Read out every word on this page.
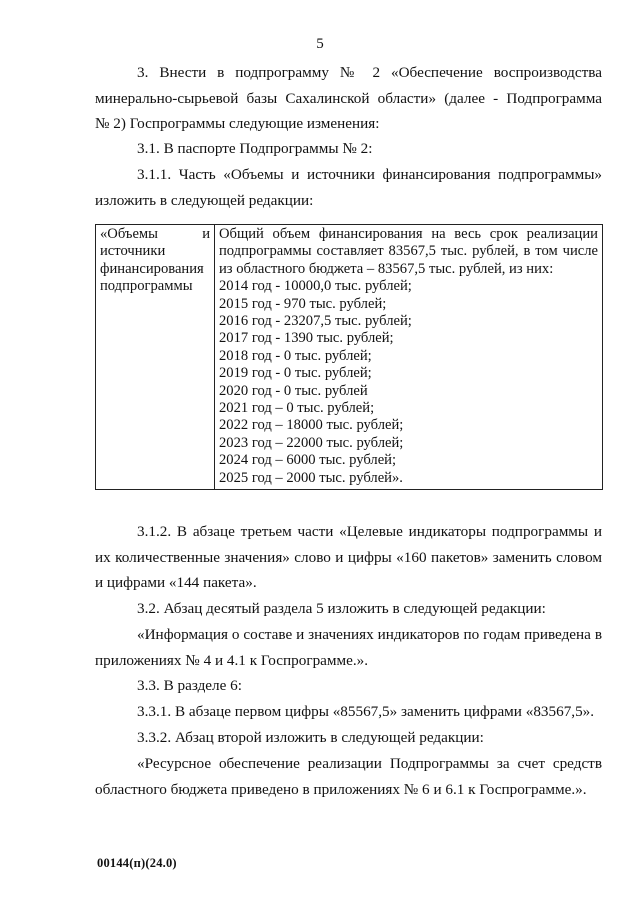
5
3. Внести в подпрограмму № 2 «Обеспечение воспроизводства
минерально-сырьевой базы Сахалинской области» (далее - Подпрограмма
№ 2) Госпрограммы следующие изменения:
3.1. В паспорте Подпрограммы № 2:
3.1.1. Часть «Объемы и источники финансирования подпрограммы»
изложить в следующей редакции:
«Объемы	и
источники
финансирования
подпрограммы

Общий объем финансирования на весь срок реализации подпрограммы составляет 83567,5 тыс. рублей, в том числе из областного бюджета – 83567,5 тыс. рублей, из них:
2014 год - 10000,0 тыс. рублей;
2015 год - 970 тыс. рублей;
2016 год - 23207,5 тыс. рублей;
2017 год - 1390 тыс. рублей;
2018 год - 0 тыс. рублей;
2019 год - 0 тыс. рублей;
2020 год - 0 тыс. рублей
2021 год – 0 тыс. рублей;
2022 год – 18000 тыс. рублей;
2023 год – 22000 тыс. рублей;
2024 год – 6000 тыс. рублей;
2025 год – 2000 тыс. рублей».
3.1.2. В абзаце третьем части «Целевые индикаторы подпрограммы и
их количественные значения» слово и цифры «160 пакетов» заменить словом
и цифрами «144 пакета».
3.2. Абзац десятый раздела 5 изложить в следующей редакции:
«Информация о составе и значениях индикаторов по годам приведена в
приложениях № 4 и 4.1 к Госпрограмме.».
3.3. В разделе 6:
3.3.1. В абзаце первом цифры «85567,5» заменить цифрами «83567,5».
3.3.2. Абзац второй изложить в следующей редакции:
«Ресурсное обеспечение реализации Подпрограммы за счет средств
областного бюджета приведено в приложениях № 6 и 6.1 к Госпрограмме.».
00144(п)(24.0)
